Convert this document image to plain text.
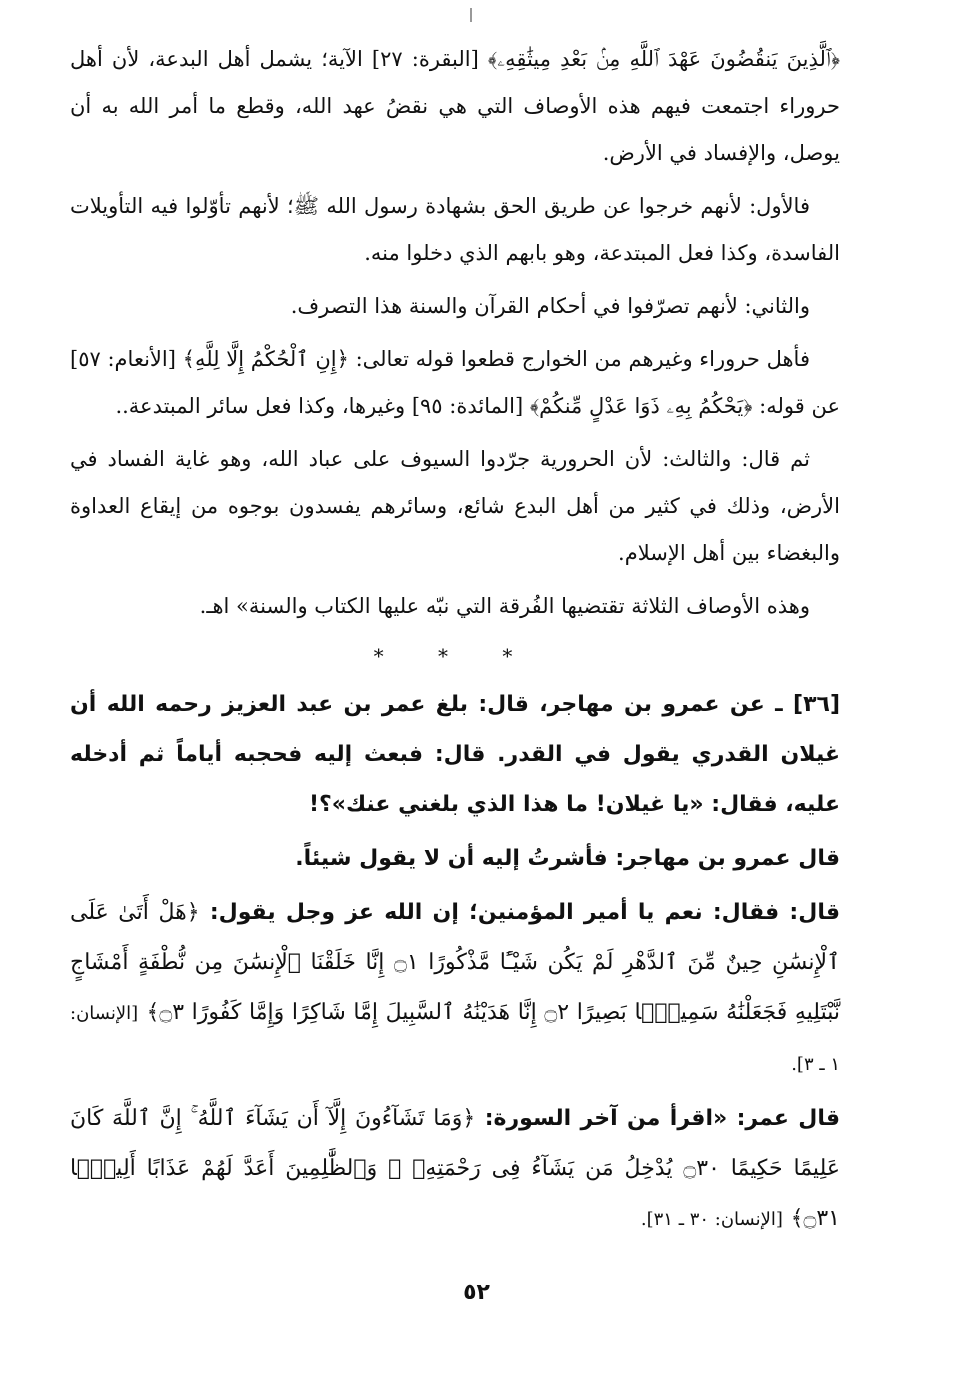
﴿ٱلَّذِينَ يَنقُضُونَ عَهْدَ ٱللَّهِ مِنۢ بَعْدِ مِيثَٰقِهِۦ﴾ [البقرة: ٢٧] الآية؛ يشمل أهل البدعة، لأن أهل حروراء اجتمعت فيهم هذه الأوصاف التي هي نقضُ عهد الله، وقطع ما أمر الله به أن يوصل، والإفساد في الأرض.

فالأول: لأنهم خرجوا عن طريق الحق بشهادة رسول الله ﷺ؛ لأنهم تأوّلوا فيه التأويلات الفاسدة، وكذا فعل المبتدعة، وهو بابهم الذي دخلوا منه.

والثاني: لأنهم تصرّفوا في أحكام القرآن والسنة هذا التصرف.

فأهل حروراء وغيرهم من الخوارج قطعوا قوله تعالى: ﴿إِنِ ٱلْحُكْمُ إِلَّا لِلَّهِ﴾ [الأنعام: ٥٧] عن قوله: ﴿يَحْكُمُ بِهِۦ ذَوَا عَدْلٍ مِّنكُمْ﴾ [المائدة: ٩٥] وغيرها، وكذا فعل سائر المبتدعة..

ثم قال: والثالث: لأن الحرورية جرّدوا السيوف على عباد الله، وهو غاية الفساد في الأرض، وذلك في كثير من أهل البدع شائع، وسائرهم يفسدون بوجوه من إيقاع العداوة والبغضاء بين أهل الإسلام.

وهذه الأوصاف الثلاثة تقتضيها الفُرقة التي نبّه عليها الكتاب والسنة» اهـ.

* * *

[٣٦] ـ عن عمرو بن مهاجر، قال: بلغ عمر بن عبد العزيز رحمه الله أن غيلان القدري يقول في القدر. قال: فبعث إليه فحجبه أياماً ثم أدخله عليه، فقال: «يا غيلان! ما هذا الذي بلغني عنك»؟!

قال عمرو بن مهاجر: فأشرتُ إليه أن لا يقول شيئاً.

قال: فقال: نعم يا أمير المؤمنين؛ إن الله عز وجل يقول: ﴿هَلْ أَتَىٰ عَلَى ٱلْإِنسَٰنِ حِينٌ مِّنَ ٱلدَّهْرِ لَمْ يَكُن شَيْـًٔا مَّذْكُورًا ۝١ إِنَّا خَلَقْنَا ٱلْإِنسَٰنَ مِن نُّطْفَةٍ أَمْشَاجٍ نَّبْتَلِيهِ فَجَعَلْنَٰهُ سَمِيعًۢا بَصِيرًا ۝٢ إِنَّا هَدَيْنَٰهُ ٱلسَّبِيلَ إِمَّا شَاكِرًا وَإِمَّا كَفُورًا ۝٣﴾ [الإنسان: ١ ـ ٣].

قال عمر: «اقرأ من آخر السورة: ﴿وَمَا تَشَآءُونَ إِلَّآ أَن يَشَآءَ ٱللَّهُ ۚ إِنَّ ٱللَّهَ كَانَ عَلِيمًا حَكِيمًا ۝٣٠ يُدْخِلُ مَن يَشَآءُ فِى رَحْمَتِهِۦ ۚ وَٱلظَّٰلِمِينَ أَعَدَّ لَهُمْ عَذَابًا أَلِيمًۢا ۝٣١﴾ [الإنسان: ٣٠ ـ ٣١].

٥٢
